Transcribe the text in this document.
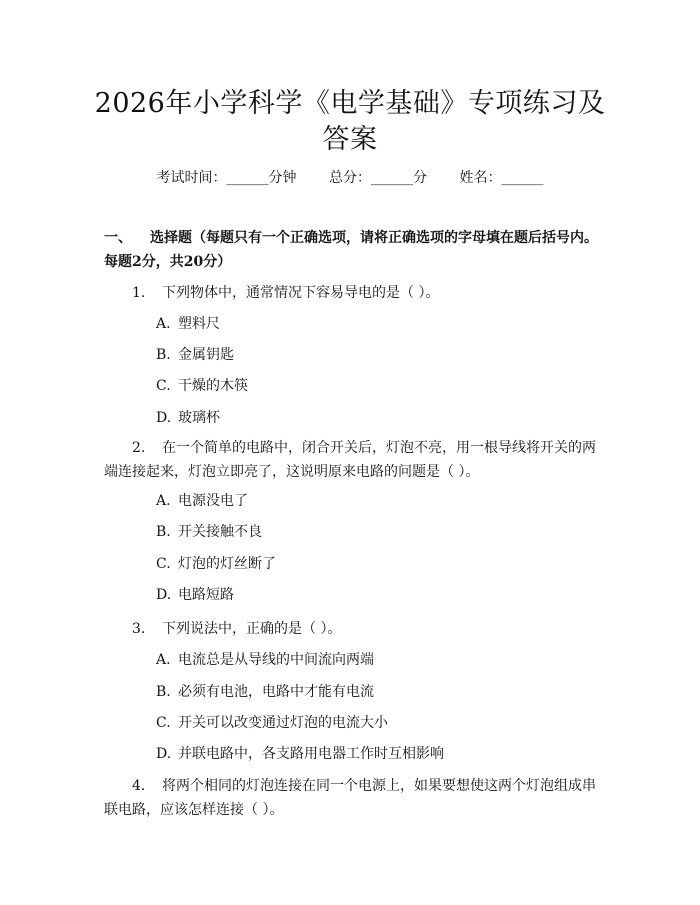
2026年小学科学《电学基础》专项练习及答案
考试时间：______分钟 总分：______分 姓名：______
一、 选择题（每题只有一个正确选项，请将正确选项的字母填在题后括号内。每题2分，共20分）
1. 下列物体中，通常情况下容易导电的是（ ）。
A. 塑料尺
B. 金属钥匙
C. 干燥的木筷
D. 玻璃杯
2. 在一个简单的电路中，闭合开关后，灯泡不亮，用一根导线将开关的两端连接起来，灯泡立即亮了，这说明原来电路的问题是（ ）。
A. 电源没电了
B. 开关接触不良
C. 灯泡的灯丝断了
D. 电路短路
3. 下列说法中，正确的是（ ）。
A. 电流总是从导线的中间流向两端
B. 必须有电池，电路中才能有电流
C. 开关可以改变通过灯泡的电流大小
D. 并联电路中，各支路用电器工作时互相影响
4. 将两个相同的灯泡连接在同一个电源上，如果要想使这两个灯泡组成串联电路，应该怎样连接（ ）。
